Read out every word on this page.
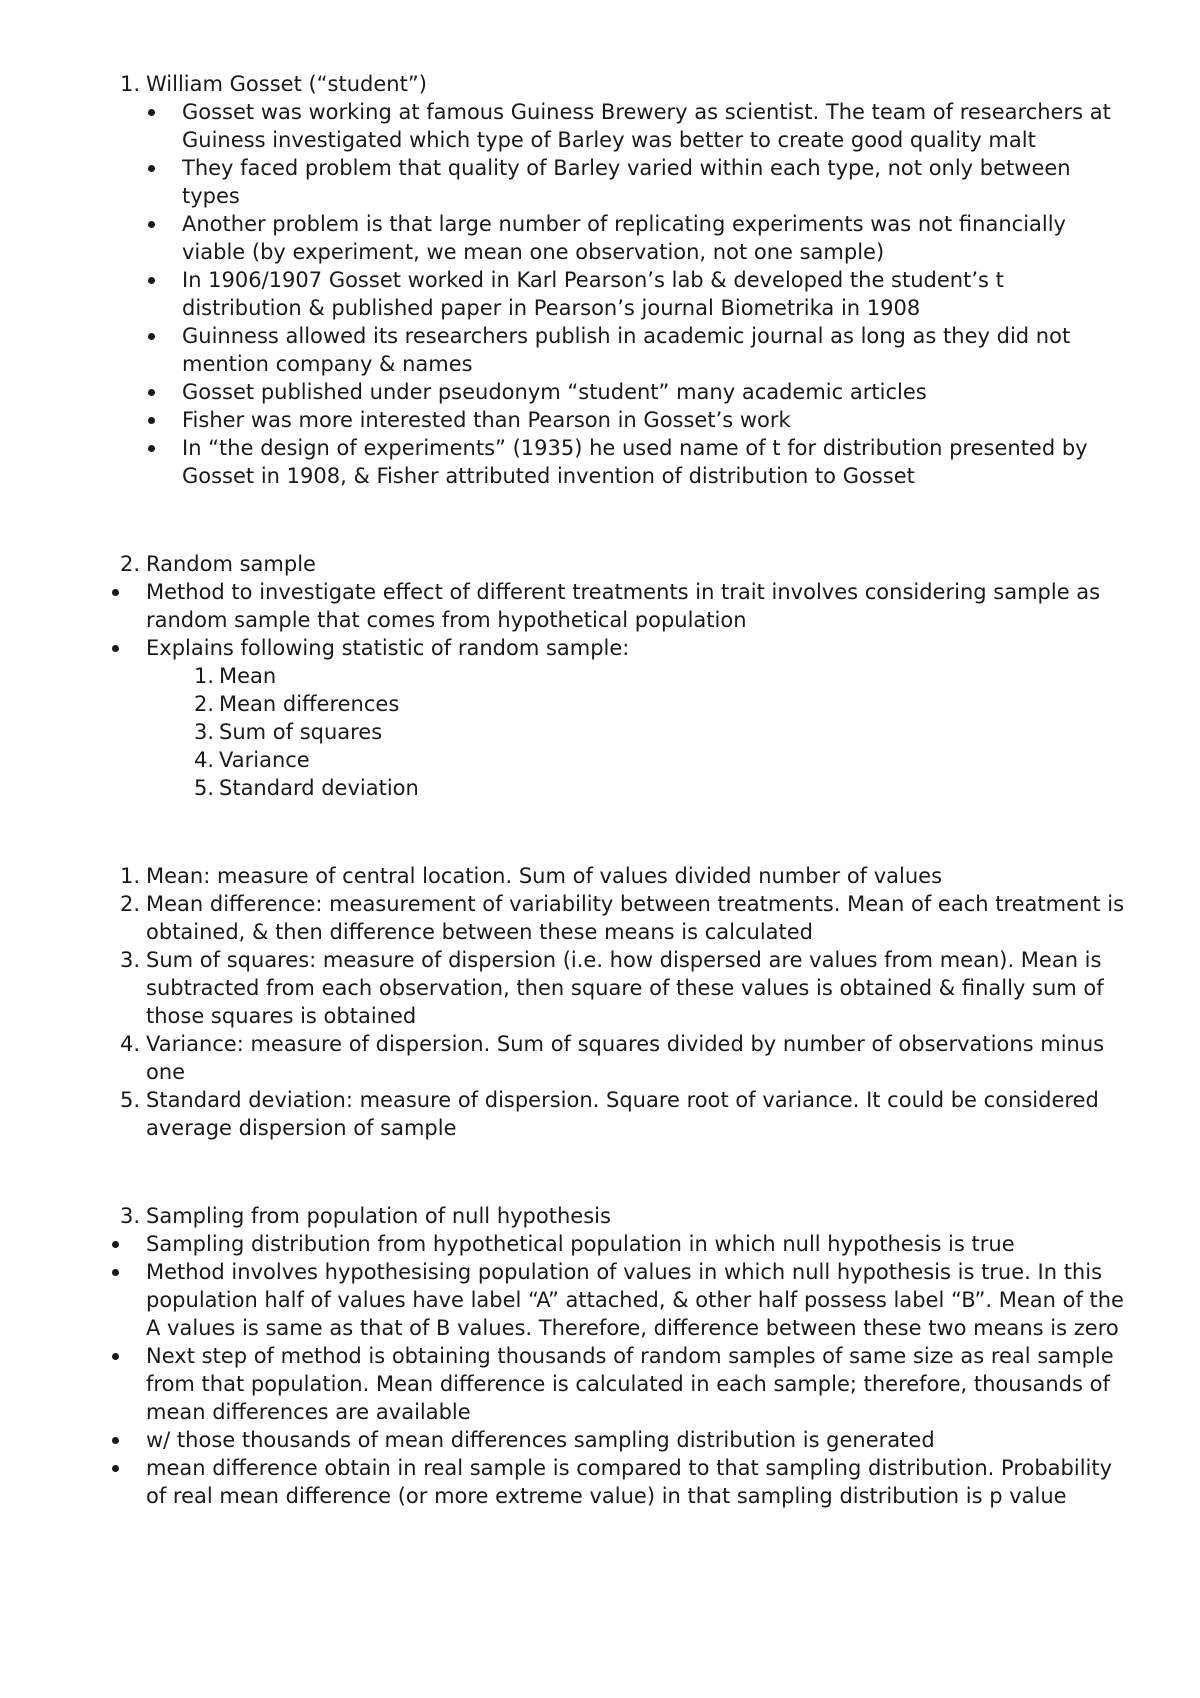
1 . William Gosset (“student”)
Gosset was working at famous Guiness Brewery as scientist. The team of researchers at Guiness investigated which type of Barley was better to create good quality malt
They faced problem that quality of Barley varied within each type, not only between types
Another problem is that large number of replicating experiments was not financially viable (by experiment, we mean one observation, not one sample)
In 1906/1907 Gosset worked in Karl Pearson’s lab & developed the student’s t distribution & published paper in Pearson’s journal Biometrika in 1908
Guinness allowed its researchers publish in academic journal as long as they did not mention company & names
Gosset published under pseudonym “student” many academic articles
Fisher was more interested than Pearson in Gosset’s work
In “the design of experiments” (1935) he used name of t for distribution presented by Gosset in 1908, & Fisher attributed invention of distribution to Gosset
2 . Random sample
Method to investigate effect of different treatments in trait involves considering sample as random sample that comes from hypothetical population
Explains following statistic of random sample:
1 . Mean
2 . Mean differences
3 . Sum of squares
4 . Variance
5 . Standard deviation
1 . Mean: measure of central location. Sum of values divided number of values
2 . Mean difference: measurement of variability between treatments. Mean of each treatment is obtained, & then difference between these means is calculated
3 . Sum of squares: measure of dispersion (i.e. how dispersed are values from mean). Mean is subtracted from each observation, then square of these values is obtained & finally sum of those squares is obtained
4 . Variance: measure of dispersion. Sum of squares divided by number of observations minus one
5 . Standard deviation: measure of dispersion. Square root of variance. It could be considered average dispersion of sample
3 . Sampling from population of null hypothesis
Sampling distribution from hypothetical population in which null hypothesis is true
Method involves hypothesising population of values in which null hypothesis is true. In this population half of values have label “A” attached, & other half possess label “B”. Mean of the A values is same as that of B values. Therefore, difference between these two means is zero
Next step of method is obtaining thousands of random samples of same size as real sample from that population. Mean difference is calculated in each sample; therefore, thousands of mean differences are available
w/ those thousands of mean differences sampling distribution is generated
mean difference obtain in real sample is compared to that sampling distribution. Probability of real mean difference (or more extreme value) in that sampling distribution is p value
